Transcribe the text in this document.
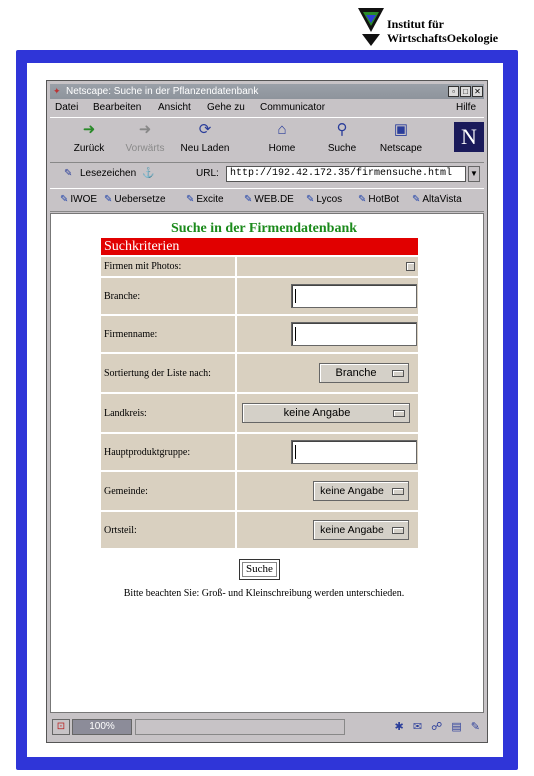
Institut für
WirtschaftsOekologie
✦ Netscape: Suche in der Pflanzendatenbank	▫	□ ✕
Datei Bearbeiten Ansicht Gehe zu Communicator	Hilfe
➜
Zurück
➜
Vorwärts
⟳
Neu Laden
⌂
Home
⚲
Suche
▣
Netscape	N
✎ Lesezeichen ⚓	URL:	http://192.42.172.35/firmensuche.html	▼
✎ IWOE ✎ Uebersetze ✎ Excite ✎ WEB.DE ✎ Lycos ✎ HotBot ✎ AltaVista
Suche in der Firmendatenbank
Suchkriterien
Firmen mit Photos:
Branche:
Firmenname:
Sortiertung der Liste nach:	Branche
Landkreis:	keine Angabe
Hauptproduktgruppe:
Gemeinde:	keine Angabe
Ortsteil:	keine Angabe
Suche
Bitte beachten Sie: Groß- und Kleinschreibung werden unterschieden.
⊡	100%	✱ ✉ ☍ ▤ ✎
